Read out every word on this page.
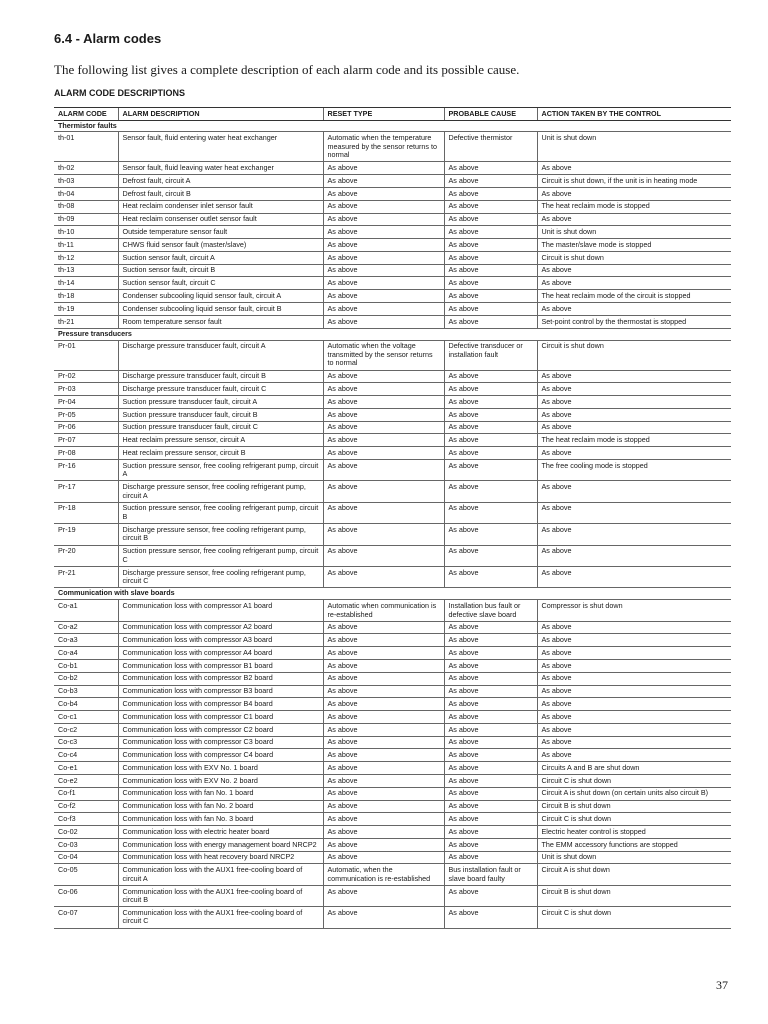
6.4 - Alarm codes
The following list gives a complete description of each alarm code and its possible cause.
ALARM CODE DESCRIPTIONS
ALARM CODE	ALARM DESCRIPTION	RESET TYPE	PROBABLE CAUSE	ACTION TAKEN BY THE CONTROL
Thermistor faults				
th-01	Sensor fault, fluid entering water heat exchanger	Automatic when the temperature measured by the sensor returns to normal	Defective thermistor	Unit is shut down
th-02	Sensor fault, fluid leaving water heat exchanger	As above	As above	As above
th-03	Defrost fault, circuit A	As above	As above	Circuit is shut down, if the unit is in heating mode
th-04	Defrost fault, circuit B	As above	As above	As above
th-08	Heat reclaim condenser inlet sensor fault	As above	As above	The heat reclaim mode is stopped
th-09	Heat reclaim consenser outlet sensor fault	As above	As above	As above
th-10	Outside temperature sensor fault	As above	As above	Unit is shut down
th-11	CHWS fluid sensor fault (master/slave)	As above	As above	The master/slave mode is stopped
th-12	Suction sensor fault, circuit A	As above	As above	Circuit is shut down
th-13	Suction sensor fault, circuit B	As above	As above	As above
th-14	Suction sensor fault, circuit C	As above	As above	As above
th-18	Condenser subcooling liquid sensor fault, circuit A	As above	As above	The heat reclaim mode of the circuit is stopped
th-19	Condenser subcooling liquid sensor fault, circuit B	As above	As above	As above
th-21	Room temperature sensor fault	As above	As above	Set-point control by the thermostat is stopped
Pressure transducers				
Pr-01	Discharge pressure transducer fault, circuit A	Automatic when the voltage transmitted by the sensor returns to normal	Defective transducer or installation fault	Circuit is shut down
Pr-02	Discharge pressure transducer fault, circuit B	As above	As above	As above
Pr-03	Discharge pressure transducer fault, circuit C	As above	As above	As above
Pr-04	Suction pressure transducer fault, circuit A	As above	As above	As above
Pr-05	Suction pressure transducer fault, circuit B	As above	As above	As above
Pr-06	Suction pressure transducer fault, circuit C	As above	As above	As above
Pr-07	Heat reclaim pressure sensor, circuit A	As above	As above	The heat reclaim mode is stopped
Pr-08	Heat reclaim pressure sensor, circuit B	As above	As above	As above
Pr-16	Suction pressure sensor, free cooling refrigerant pump, circuit A	As above	As above	The free cooling mode is stopped
Pr-17	Discharge pressure sensor, free cooling refrigerant pump, circuit A	As above	As above	As above
Pr-18	Suction pressure sensor, free cooling refrigerant pump, circuit B	As above	As above	As above
Pr-19	Discharge pressure sensor, free cooling refrigerant pump, circuit B	As above	As above	As above
Pr-20	Suction pressure sensor, free cooling refrigerant pump, circuit C	As above	As above	As above
Pr-21	Discharge pressure sensor, free cooling refrigerant pump, circuit C	As above	As above	As above
Communication with slave boards				
Co-a1	Communication loss with compressor A1 board	Automatic when communication is re-established	Installation bus fault or defective slave board	Compressor is shut down
Co-a2	Communication loss with compressor A2 board	As above	As above	As above
Co-a3	Communication loss with compressor A3 board	As above	As above	As above
Co-a4	Communication loss with compressor A4 board	As above	As above	As above
Co-b1	Communication loss with compressor B1 board	As above	As above	As above
Co-b2	Communication loss with compressor B2 board	As above	As above	As above
Co-b3	Communication loss with compressor B3 board	As above	As above	As above
Co-b4	Communication loss with compressor B4 board	As above	As above	As above
Co-c1	Communication loss with compressor C1 board	As above	As above	As above
Co-c2	Communication loss with compressor C2 board	As above	As above	As above
Co-c3	Communication loss with compressor C3 board	As above	As above	As above
Co-c4	Communication loss with compressor C4 board	As above	As above	As above
Co-e1	Communication loss with EXV No. 1 board	As above	As above	Circuits A and B are shut down
Co-e2	Communication loss with EXV No. 2 board	As above	As above	Circuit C is shut down
Co-f1	Communication loss with fan No. 1 board	As above	As above	Circuit A is shut down (on certain units also circuit B)
Co-f2	Communication loss with fan No. 2 board	As above	As above	Circuit B is shut down
Co-f3	Communication loss with fan No. 3 board	As above	As above	Circuit C is shut down
Co-02	Communication loss with electric heater board	As above	As above	Electric heater control is stopped
Co-03	Communication loss with energy management board NRCP2	As above	As above	The EMM accessory functions are stopped
Co-04	Communication loss with heat recovery board NRCP2	As above	As above	Unit is shut down
Co-05	Communication loss with the AUX1 free-cooling board of circuit A	Automatic, when the communication is re-established	Bus installation fault or slave board faulty	Circuit A is shut down
Co-06	Communication loss with the AUX1 free-cooling board of circuit B	As above	As above	Circuit B is shut down
Co-07	Communication loss with the AUX1 free-cooling board of circuit C	As above	As above	Circuit C is shut down
37
